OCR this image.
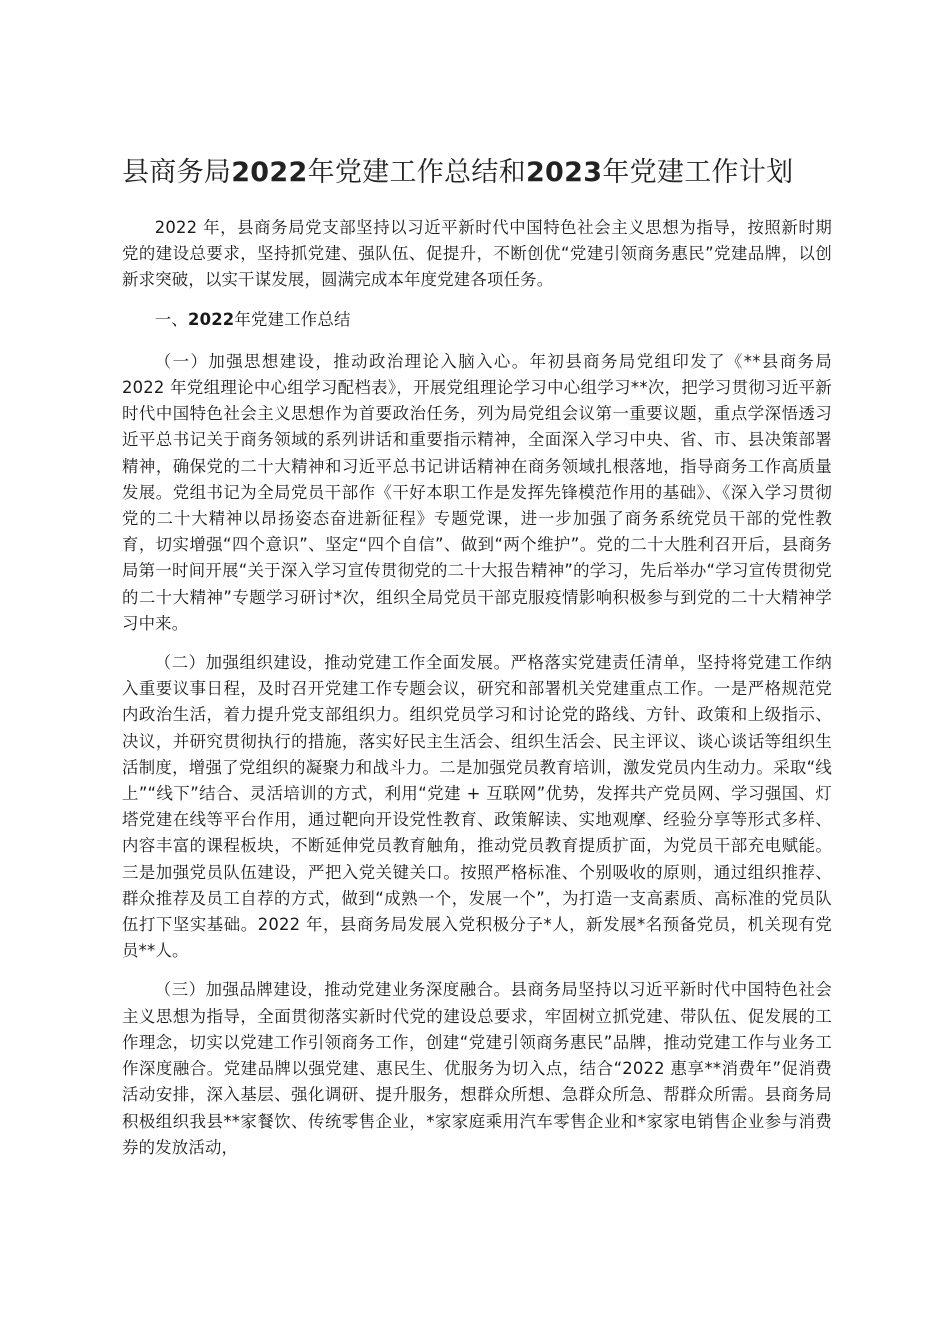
县商务局2022年党建工作总结和2023年党建工作计划

2022 年，县商务局党支部坚持以习近平新时代中国特色社会主义思想为指导，按照新时期党的建设总要求，坚持抓党建、强队伍、促提升，不断创优“党建引领商务惠民”党建品牌，以创新求突破，以实干谋发展，圆满完成本年度党建各项任务。

一、2022年党建工作总结

（一）加强思想建设，推动政治理论入脑入心。年初县商务局党组印发了《**县商务局 2022 年党组理论中心组学习配档表》，开展党组理论学习中心组学习**次，把学习贯彻习近平新时代中国特色社会主义思想作为首要政治任务，列为局党组会议第一重要议题，重点学深悟透习近平总书记关于商务领域的系列讲话和重要指示精神，全面深入学习中央、省、市、县决策部署精神，确保党的二十大精神和习近平总书记讲话精神在商务领域扎根落地，指导商务工作高质量发展。党组书记为全局党员干部作《干好本职工作是发挥先锋模范作用的基础》、《深入学习贯彻党的二十大精神以昂扬姿态奋进新征程》专题党课，进一步加强了商务系统党员干部的党性教育，切实增强“四个意识”、坚定“四个自信”、做到“两个维护”。党的二十大胜利召开后，县商务局第一时间开展“关于深入学习宣传贯彻党的二十大报告精神”的学习，先后举办“学习宣传贯彻党的二十大精神”专题学习研讨*次，组织全局党员干部克服疫情影响积极参与到党的二十大精神学习中来。

（二）加强组织建设，推动党建工作全面发展。严格落实党建责任清单，坚持将党建工作纳入重要议事日程，及时召开党建工作专题会议，研究和部署机关党建重点工作。一是严格规范党内政治生活，着力提升党支部组织力。组织党员学习和讨论党的路线、方针、政策和上级指示、决议，并研究贯彻执行的措施，落实好民主生活会、组织生活会、民主评议、谈心谈话等组织生活制度，增强了党组织的凝聚力和战斗力。二是加强党员教育培训，激发党员内生动力。采取“线上”“线下”结合、灵活培训的方式，利用“党建 + 互联网”优势，发挥共产党员网、学习强国、灯塔党建在线等平台作用，通过靶向开设党性教育、政策解读、实地观摩、经验分享等形式多样、内容丰富的课程板块，不断延伸党员教育触角，推动党员教育提质扩面，为党员干部充电赋能。三是加强党员队伍建设，严把入党关键关口。按照严格标准、个别吸收的原则，通过组织推荐、群众推荐及员工自荐的方式，做到“成熟一个，发展一个”，为打造一支高素质、高标准的党员队伍打下坚实基础。2022 年，县商务局发展入党积极分子*人，新发展*名预备党员，机关现有党员**人。

（三）加强品牌建设，推动党建业务深度融合。县商务局坚持以习近平新时代中国特色社会主义思想为指导，全面贯彻落实新时代党的建设总要求，牢固树立抓党建、带队伍、促发展的工作理念，切实以党建工作引领商务工作，创建“党建引领商务惠民”品牌，推动党建工作与业务工作深度融合。党建品牌以强党建、惠民生、优服务为切入点，结合“2022 惠享**消费年”促消费活动安排，深入基层、强化调研、提升服务，想群众所想、急群众所急、帮群众所需。县商务局积极组织我县**家餐饮、传统零售企业，*家家庭乘用汽车零售企业和*家家电销售企业参与消费券的发放活动，
